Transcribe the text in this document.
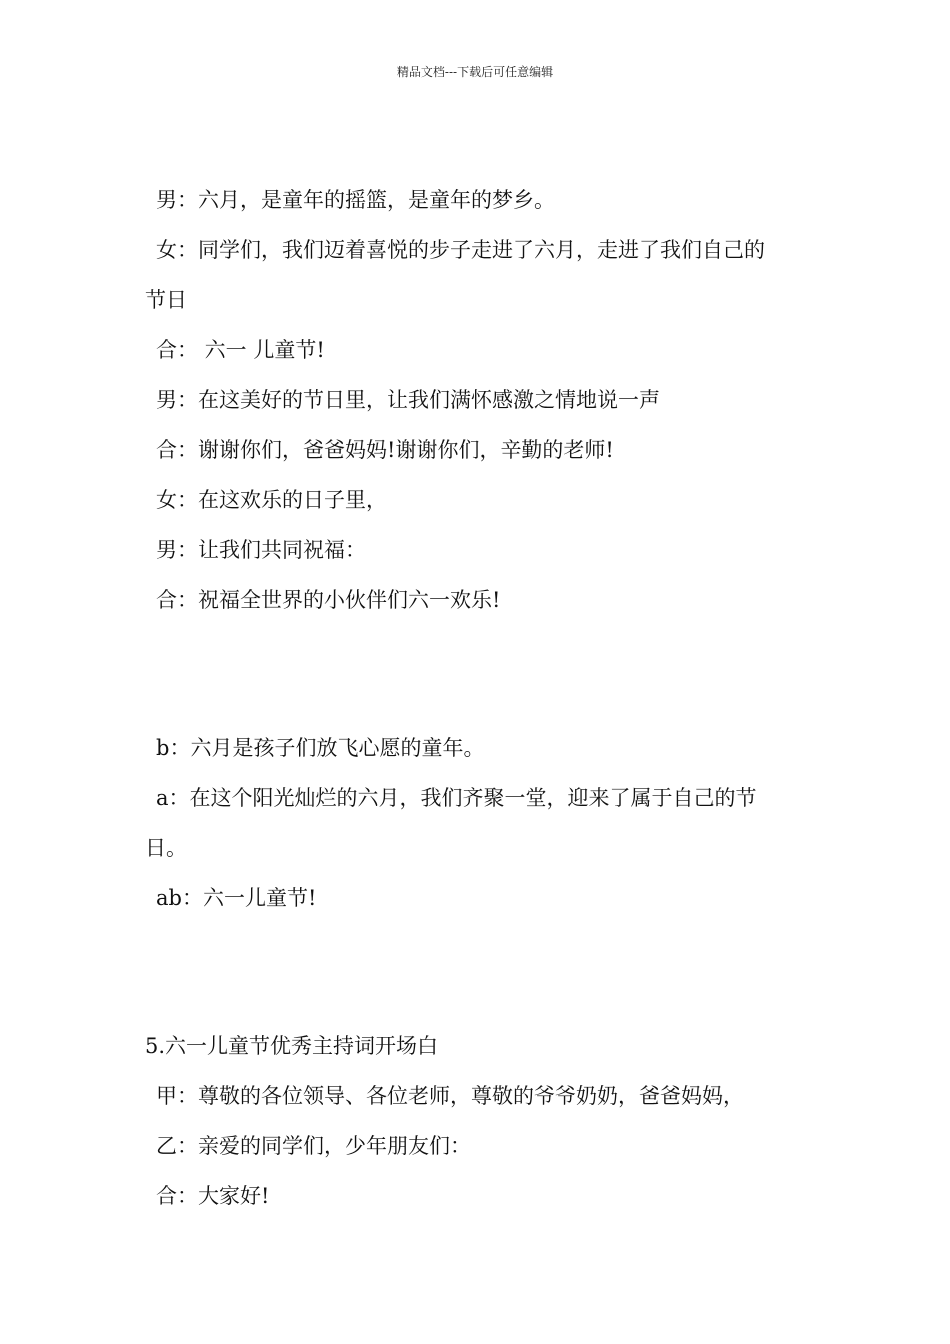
精品文档---下载后可任意编辑
男：六月，是童年的摇篮，是童年的梦乡。
女：同学们，我们迈着喜悦的步子走进了六月，走进了我们自己的
节日
合： 六一 儿童节!
男：在这美好的节日里，让我们满怀感激之情地说一声
合：谢谢你们，爸爸妈妈!谢谢你们，辛勤的老师!
女：在这欢乐的日子里，
男：让我们共同祝福：
合：祝福全世界的小伙伴们六一欢乐!
b：六月是孩子们放飞心愿的童年。
a：在这个阳光灿烂的六月，我们齐聚一堂，迎来了属于自己的节
日。
ab：六一儿童节!
5.六一儿童节优秀主持词开场白
甲：尊敬的各位领导、各位老师，尊敬的爷爷奶奶，爸爸妈妈，
乙：亲爱的同学们，少年朋友们：
合：大家好!
